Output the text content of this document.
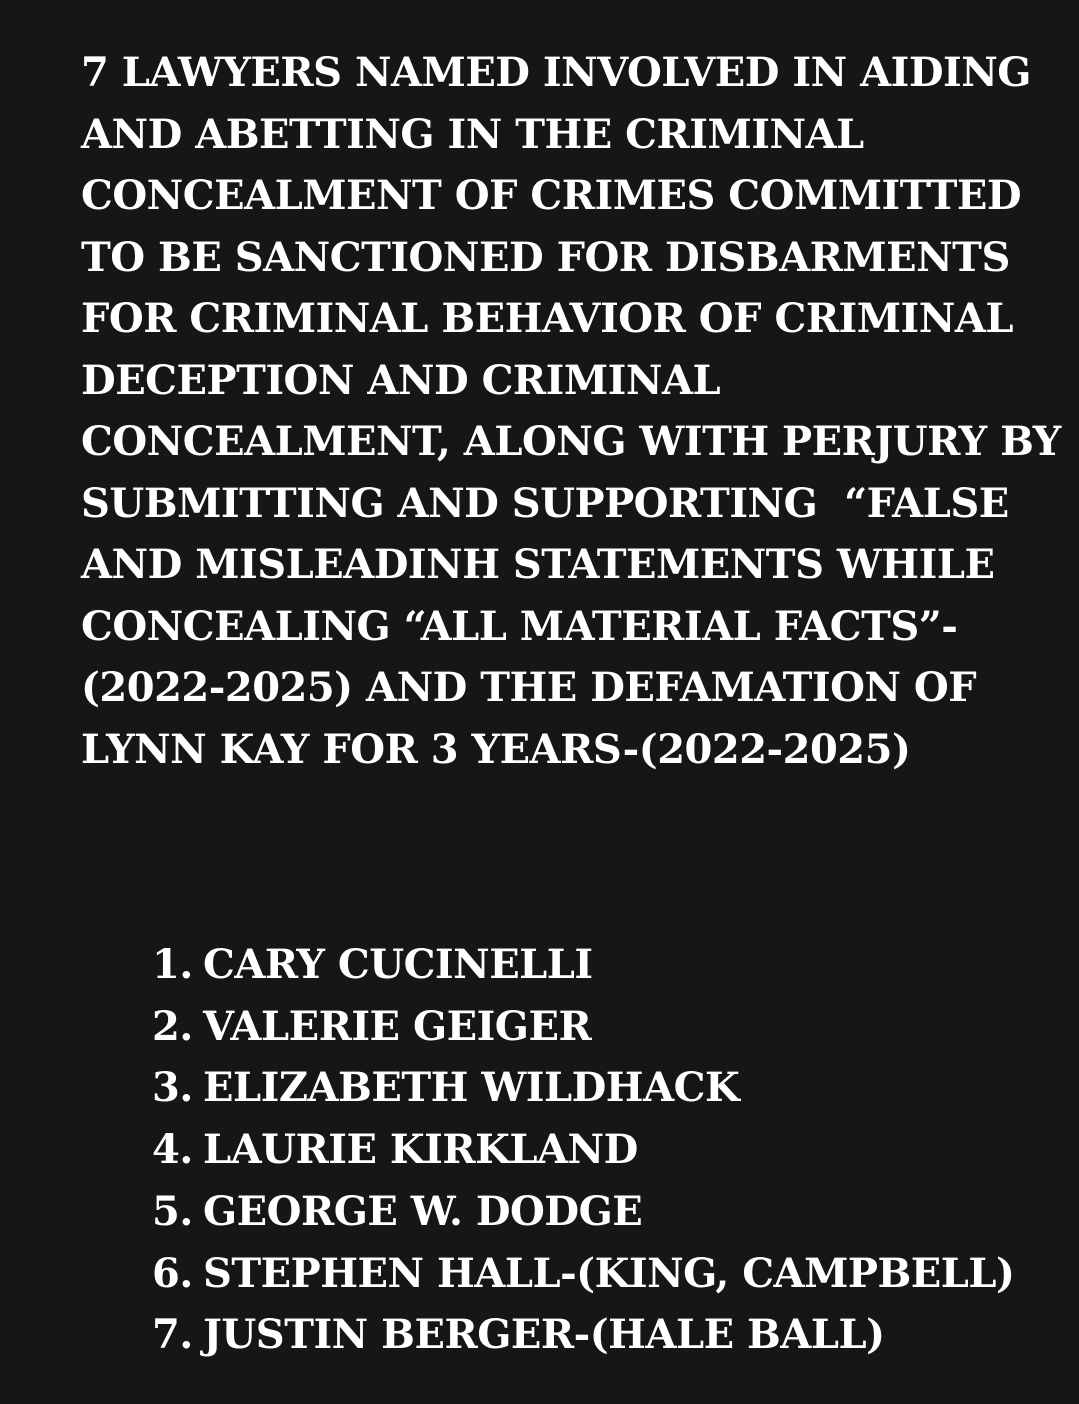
7 LAWYERS NAMED INVOLVED IN AIDING
AND ABETTING IN THE CRIMINAL
CONCEALMENT OF CRIMES COMMITTED
TO BE SANCTIONED FOR DISBARMENTS
FOR CRIMINAL BEHAVIOR OF CRIMINAL
DECEPTION AND CRIMINAL
CONCEALMENT, ALONG WITH PERJURY BY
SUBMITTING AND SUPPORTING  “FALSE
AND MISLEADINH STATEMENTS WHILE
CONCEALING “ALL MATERIAL FACTS”-
(2022-2025) AND THE DEFAMATION OF
LYNN KAY FOR 3 YEARS-(2022-2025)
1. CARY CUCINELLI
2. VALERIE GEIGER
3. ELIZABETH WILDHACK
4. LAURIE KIRKLAND
5. GEORGE W. DODGE
6. STEPHEN HALL-(KING, CAMPBELL)
7. JUSTIN BERGER-(HALE BALL)
